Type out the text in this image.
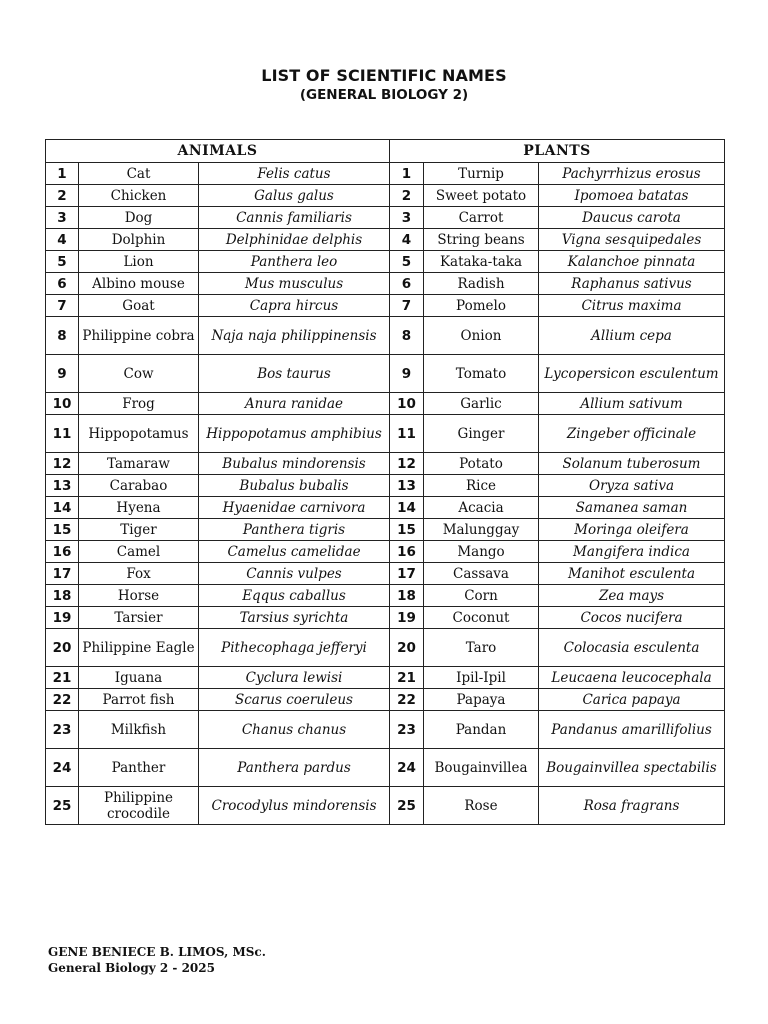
LIST OF SCIENTIFIC NAMES
(GENERAL BIOLOGY 2)
ANIMALS			PLANTS		
1	Cat	Felis catus	1	Turnip	Pachyrrhizus erosus
2	Chicken	Galus galus	2	Sweet potato	Ipomoea batatas
3	Dog	Cannis familiaris	3	Carrot	Daucus carota
4	Dolphin	Delphinidae delphis	4	String beans	Vigna sesquipedales
5	Lion	Panthera leo	5	Kataka-taka	Kalanchoe pinnata
6	Albino mouse	Mus musculus	6	Radish	Raphanus sativus
7	Goat	Capra hircus	7	Pomelo	Citrus maxima
8	Philippine cobra	Naja naja philippinensis	8	Onion	Allium cepa
9	Cow	Bos taurus	9	Tomato	Lycopersicon esculentum
10	Frog	Anura ranidae	10	Garlic	Allium sativum
11	Hippopotamus	Hippopotamus amphibius	11	Ginger	Zingeber officinale
12	Tamaraw	Bubalus mindorensis	12	Potato	Solanum tuberosum
13	Carabao	Bubalus bubalis	13	Rice	Oryza sativa
14	Hyena	Hyaenidae carnivora	14	Acacia	Samanea saman
15	Tiger	Panthera tigris	15	Malunggay	Moringa oleifera
16	Camel	Camelus camelidae	16	Mango	Mangifera indica
17	Fox	Cannis vulpes	17	Cassava	Manihot esculenta
18	Horse	Eqqus caballus	18	Corn	Zea mays
19	Tarsier	Tarsius syrichta	19	Coconut	Cocos nucifera
20	Philippine Eagle	Pithecophaga jefferyi	20	Taro	Colocasia esculenta
21	Iguana	Cyclura lewisi	21	Ipil-Ipil	Leucaena leucocephala
22	Parrot fish	Scarus coeruleus	22	Papaya	Carica papaya
23	Milkfish	Chanus chanus	23	Pandan	Pandanus amarillifolius
24	Panther	Panthera pardus	24	Bougainvillea	Bougainvillea spectabilis
25	Philippine crocodile	Crocodylus mindorensis	25	Rose	Rosa fragrans
GENE BENIECE B. LIMOS, MSc.
General Biology 2 - 2025
